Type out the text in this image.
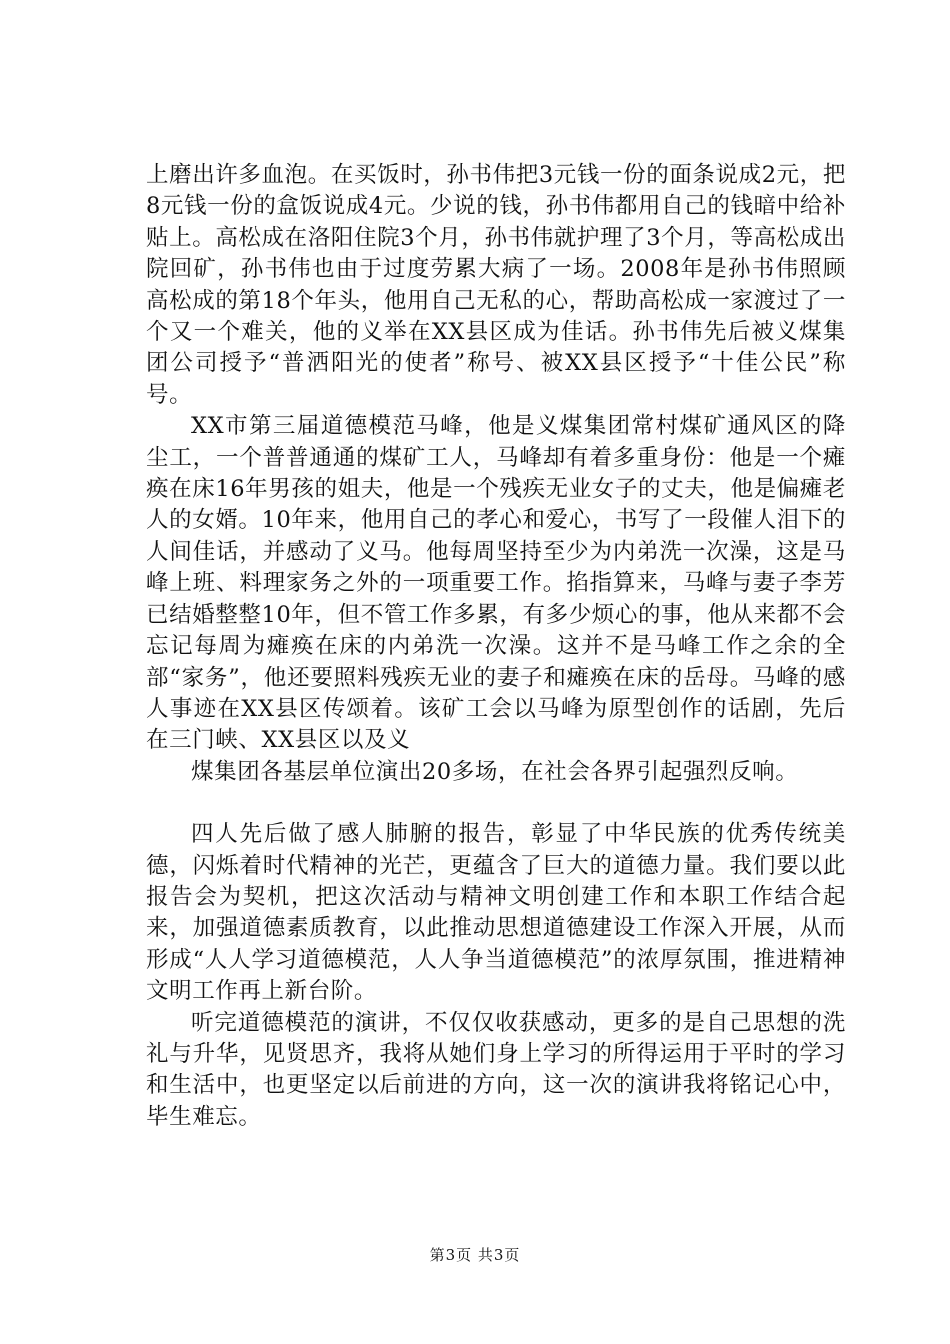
上磨出许多血泡。在买饭时，孙书伟把3元钱一份的面条说成2元，把8元钱一份的盒饭说成4元。少说的钱，孙书伟都用自己的钱暗中给补贴上。高松成在洛阳住院3个月，孙书伟就护理了3个月，等高松成出院回矿，孙书伟也由于过度劳累大病了一场。2008年是孙书伟照顾高松成的第18个年头，他用自己无私的心，帮助高松成一家渡过了一个又一个难关，他的义举在XX县区成为佳话。孙书伟先后被义煤集团公司授予“普洒阳光的使者”称号、被XX县区授予“十佳公民”称号。

XX市第三届道德模范马峰，他是义煤集团常村煤矿通风区的降尘工，一个普普通通的煤矿工人，马峰却有着多重身份：他是一个瘫痪在床16年男孩的姐夫，他是一个残疾无业女子的丈夫，他是偏瘫老人的女婿。10年来，他用自己的孝心和爱心，书写了一段催人泪下的人间佳话，并感动了义马。他每周坚持至少为内弟洗一次澡，这是马峰上班、料理家务之外的一项重要工作。掐指算来，马峰与妻子李芳已结婚整整10年，但不管工作多累，有多少烦心的事，他从来都不会忘记每周为瘫痪在床的内弟洗一次澡。这并不是马峰工作之余的全部“家务”，他还要照料残疾无业的妻子和瘫痪在床的岳母。马峰的感人事迹在XX县区传颂着。该矿工会以马峰为原型创作的话剧，先后在三门峡、XX县区以及义

煤集团各基层单位演出20多场，在社会各界引起强烈反响。

四人先后做了感人肺腑的报告，彰显了中华民族的优秀传统美德，闪烁着时代精神的光芒，更蕴含了巨大的道德力量。我们要以此报告会为契机，把这次活动与精神文明创建工作和本职工作结合起来，加强道德素质教育，以此推动思想道德建设工作深入开展，从而形成“人人学习道德模范，人人争当道德模范”的浓厚氛围，推进精神文明工作再上新台阶。

听完道德模范的演讲，不仅仅收获感动，更多的是自己思想的洗礼与升华，见贤思齐，我将从她们身上学习的所得运用于平时的学习和生活中，也更坚定以后前进的方向，这一次的演讲我将铭记心中，毕生难忘。

第3页 共3页
